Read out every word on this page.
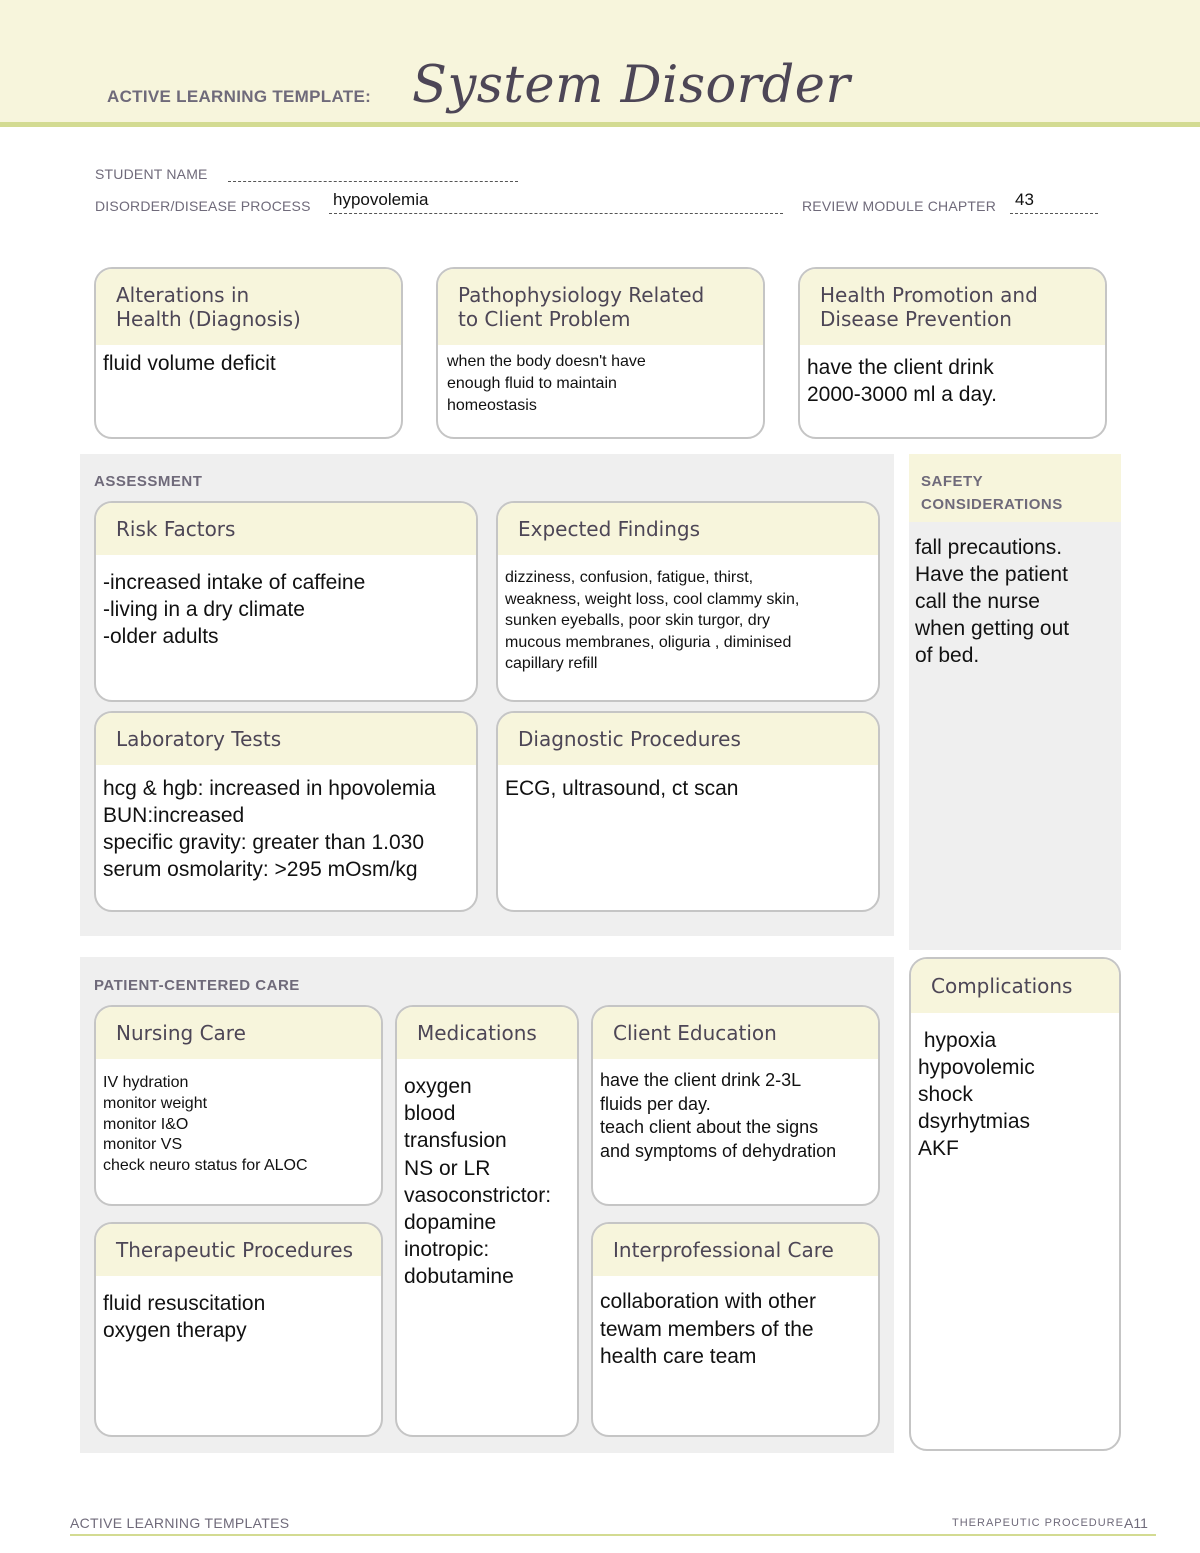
ACTIVE LEARNING TEMPLATE: System Disorder
STUDENT NAME
DISORDER/DISEASE PROCESS hypovolemia	REVIEW MODULE CHAPTER 43
Alterations in
Health (Diagnosis)
fluid volume deficit
Pathophysiology Related
to Client Problem
when the body doesn't have
enough fluid to maintain
homeostasis
Health Promotion and
Disease Prevention
have the client drink
2000-3000 ml a day.
ASSESSMENT
Risk Factors
-increased intake of caffeine
-living in a dry climate
-older adults
Expected Findings
dizziness, confusion, fatigue, thirst,
weakness, weight loss, cool clammy skin,
sunken eyeballs, poor skin turgor, dry
mucous membranes, oliguria , diminised
capillary refill
Laboratory Tests
hcg & hgb: increased in hpovolemia
BUN:increased
specific gravity: greater than 1.030
serum osmolarity: >295 mOsm/kg
Diagnostic Procedures
ECG, ultrasound, ct scan
SAFETY
CONSIDERATIONS
fall precautions.
Have the patient
call the nurse
when getting out
of bed.
PATIENT-CENTERED CARE
Nursing Care
IV hydration
monitor weight
monitor I&O
monitor VS
check neuro status for ALOC
Medications
oxygen
blood
transfusion
NS or LR
vasoconstrictor:
dopamine
inotropic:
dobutamine
Client Education
have the client drink 2-3L
fluids per day.
teach client about the signs
and symptoms of dehydration
Therapeutic Procedures
fluid resuscitation
oxygen therapy
Interprofessional Care
collaboration with other
tewam members of the
health care team
Complications
hypoxia
hypovolemic
shock
dsyrhytmias
AKF
ACTIVE LEARNING TEMPLATES	THERAPEUTIC PROCEDURE A11
